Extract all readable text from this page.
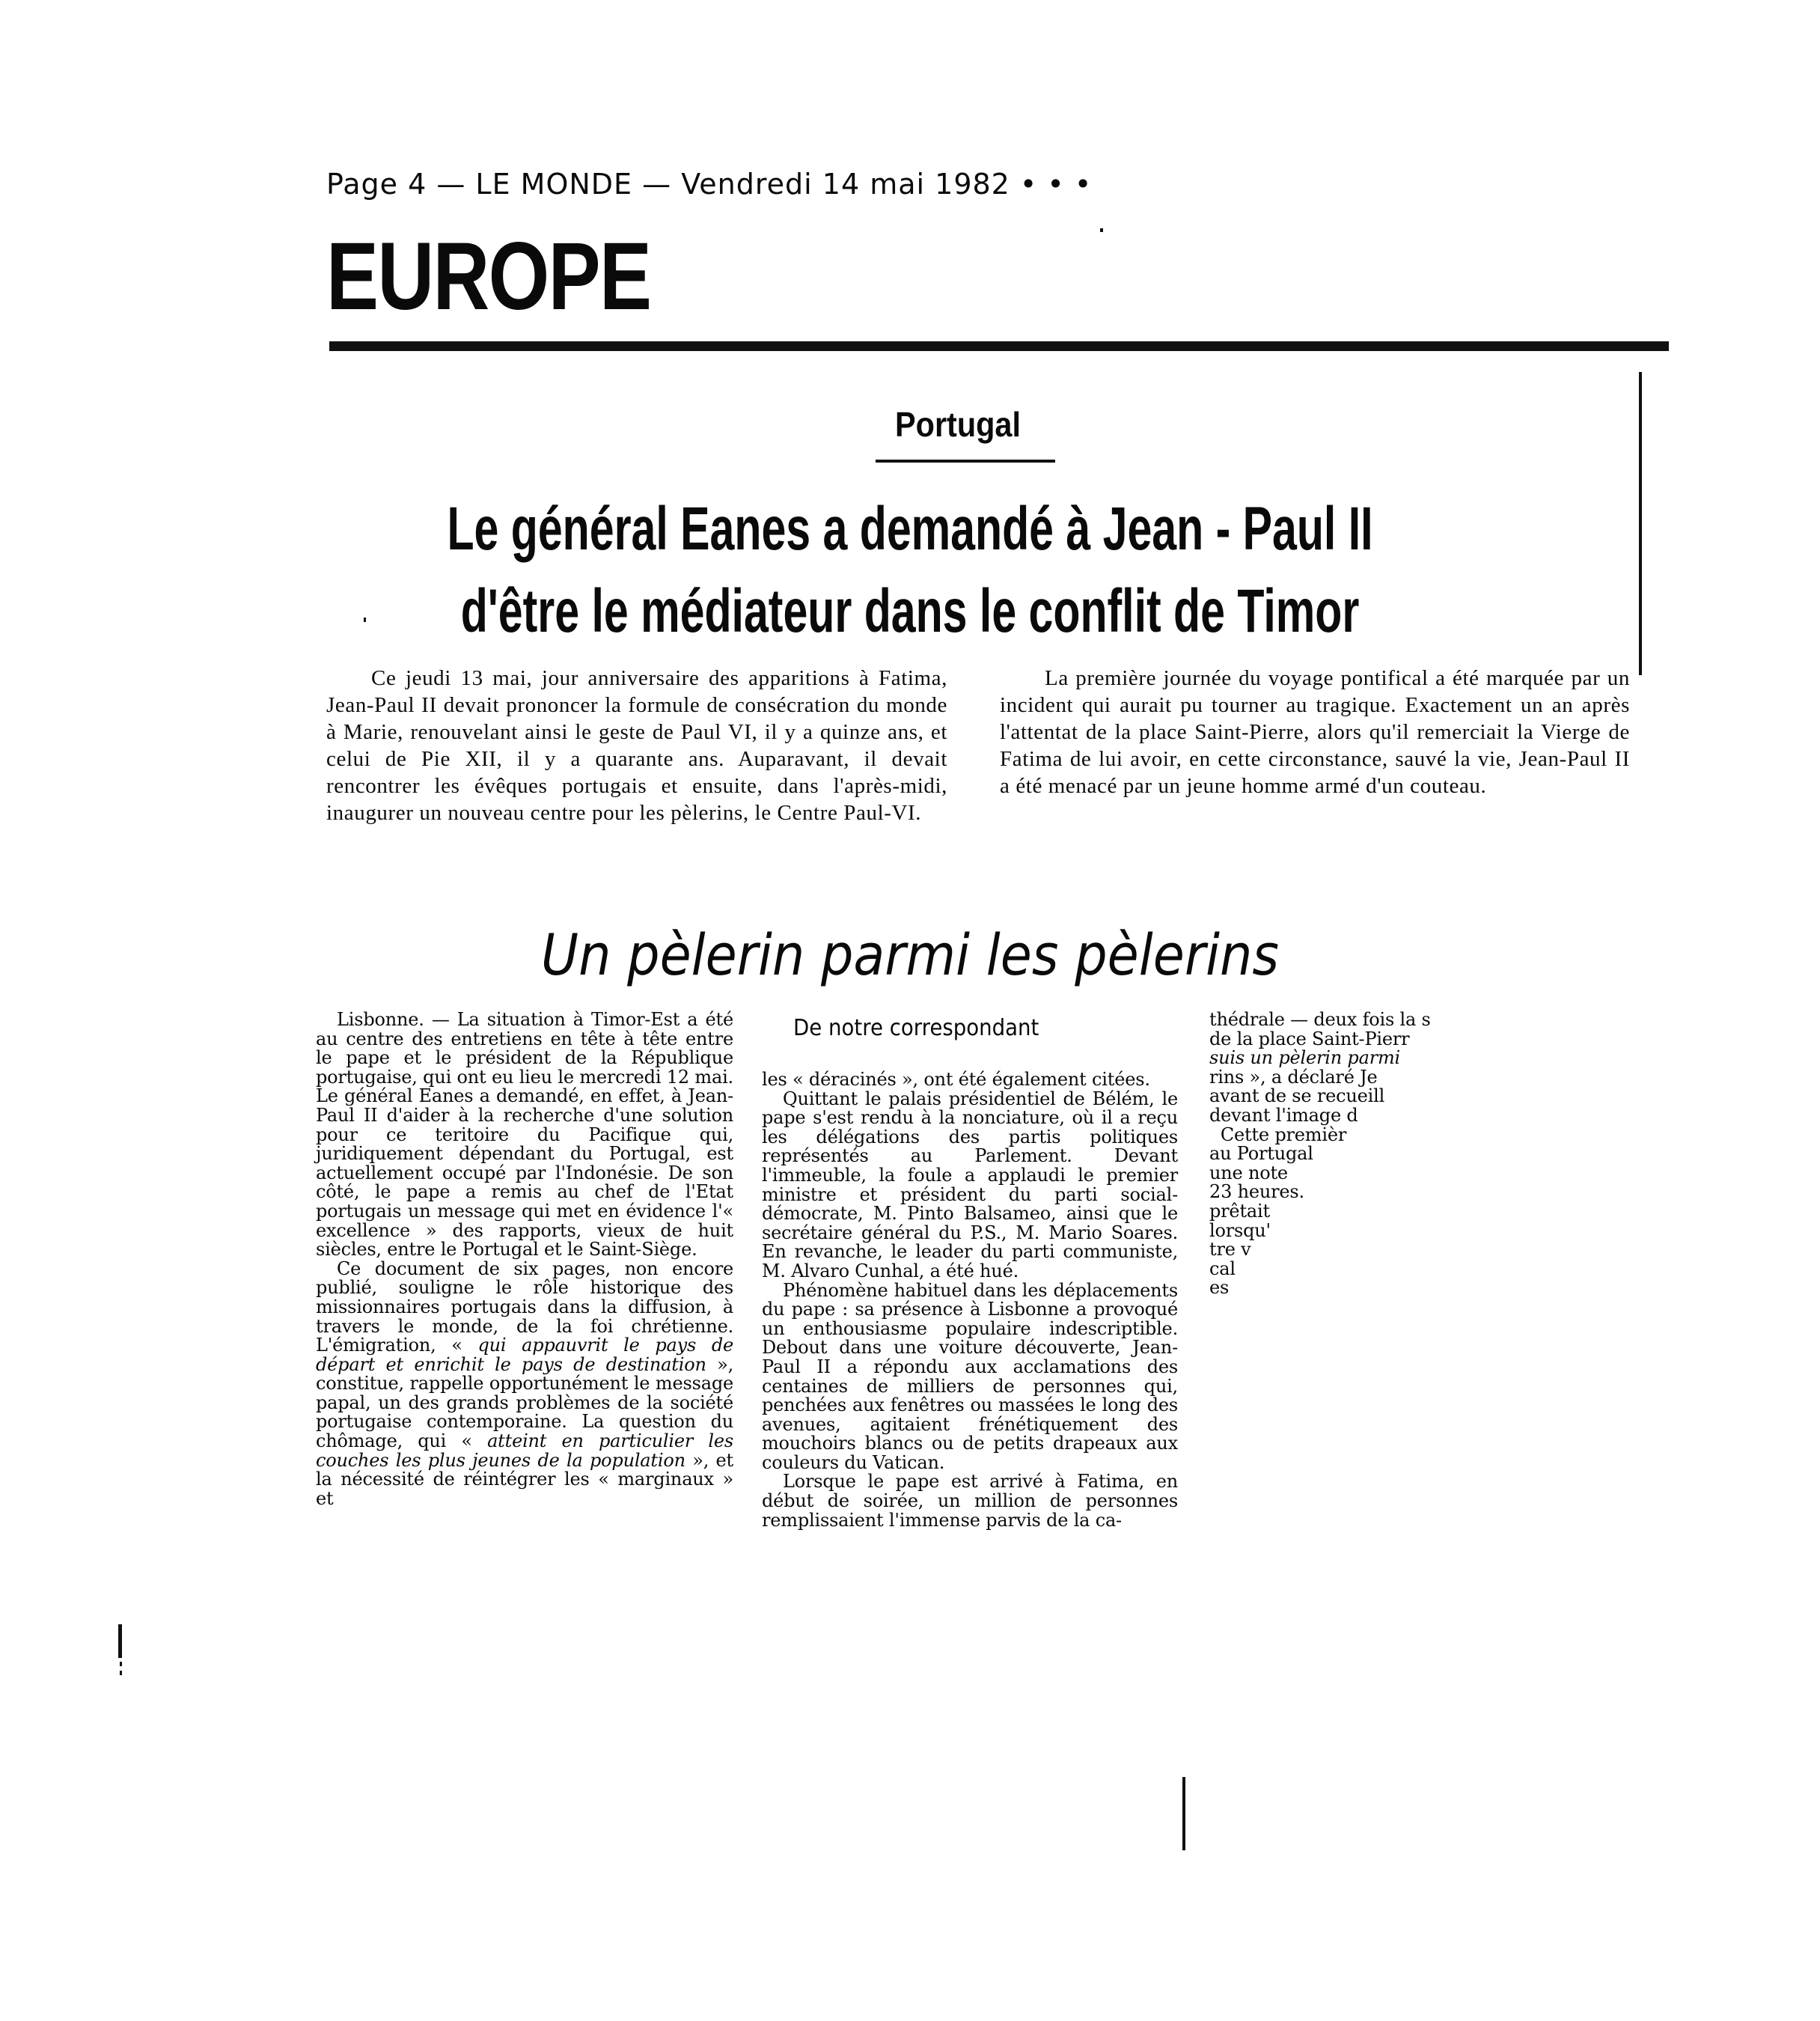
Page 4 — LE MONDE — Vendredi 14 mai 1982 • • •
EUROPE
Portugal
Le général Eanes a demandé à Jean - Paul II
d'être le médiateur dans le conflit de Timor

Ce jeudi 13 mai, jour anniversaire des apparitions à Fatima, Jean-Paul II devait prononcer la formule de consécration du monde à Marie, renouvelant ainsi le geste de Paul VI, il y a quinze ans, et celui de Pie XII, il y a quarante ans. Auparavant, il devait rencontrer les évêques portugais et ensuite, dans l'après-midi, inaugurer un nouveau centre pour les pèlerins, le Centre Paul-VI.

La première journée du voyage pontifical a été marquée par un incident qui aurait pu tourner au tragique. Exactement un an après l'attentat de la place Saint-Pierre, alors qu'il remerciait la Vierge de Fatima de lui avoir, en cette circonstance, sauvé la vie, Jean-Paul II a été menacé par un jeune homme armé d'un couteau.

Un pèlerin parmi les pèlerins
De notre correspondant

Lisbonne. — La situation à Timor-Est a été au centre des entretiens en tête à tête entre le pape et le président de la République portugaise, qui ont eu lieu le mercredi 12 mai. Le général Eanes a demandé, en effet, à Jean-Paul II d'aider à la recherche d'une solution pour ce teritoire du Pacifique qui, juridiquement dépendant du Portugal, est actuellement occupé par l'Indonésie. De son côté, le pape a remis au chef de l'Etat portugais un message qui met en évidence l'« excellence » des rapports, vieux de huit siècles, entre le Portugal et le Saint-Siège.

Ce document de six pages, non encore publié, souligne le rôle historique des missionnaires portugais dans la diffusion, à travers le monde, de la foi chrétienne. L'émigration, « qui appauvrit le pays de départ et enrichit le pays de destination », constitue, rappelle opportunément le message papal, un des grands problèmes de la société portugaise contemporaine. La question du chômage, qui « atteint en particulier les couches les plus jeunes de la population », et la nécessité de réintégrer les « marginaux » et

les « déracinés », ont été également citées.

Quittant le palais présidentiel de Bélém, le pape s'est rendu à la nonciature, où il a reçu les délégations des partis politiques représentés au Parlement. Devant l'immeuble, la foule a applaudi le premier ministre et président du parti social-démocrate, M. Pinto Balsameo, ainsi que le secrétaire général du P.S., M. Mario Soares. En revanche, le leader du parti communiste, M. Alvaro Cunhal, a été hué.

Phénomène habituel dans les déplacements du pape : sa présence à Lisbonne a provoqué un enthousiasme populaire indescriptible. Debout dans une voiture découverte, Jean-Paul II a répondu aux acclamations des centaines de milliers de personnes qui, penchées aux fenêtres ou massées le long des avenues, agitaient frénétiquement des mouchoirs blancs ou de petits drapeaux aux couleurs du Vatican.

Lorsque le pape est arrivé à Fatima, en début de soirée, un million de personnes remplissaient l'immense parvis de la ca-

thédrale — deux fois la s
de la place Saint-Pierr
suis un pèlerin parmi
rins », a déclaré Je
avant de se recueill
devant l'image d
Cette premièr
au Portugal
une note
23 heures.
prêtait
lorsqu'
tre v
cal
es
